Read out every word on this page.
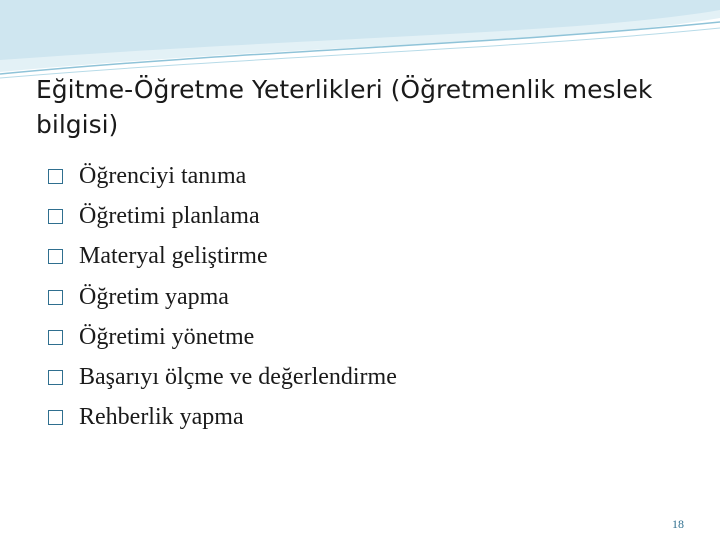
Eğitme-Öğretme Yeterlikleri (Öğretmenlik meslek bilgisi)
Öğrenciyi tanıma
Öğretimi planlama
Materyal geliştirme
Öğretim yapma
Öğretimi yönetme
Başarıyı ölçme ve değerlendirme
Rehberlik yapma
18
